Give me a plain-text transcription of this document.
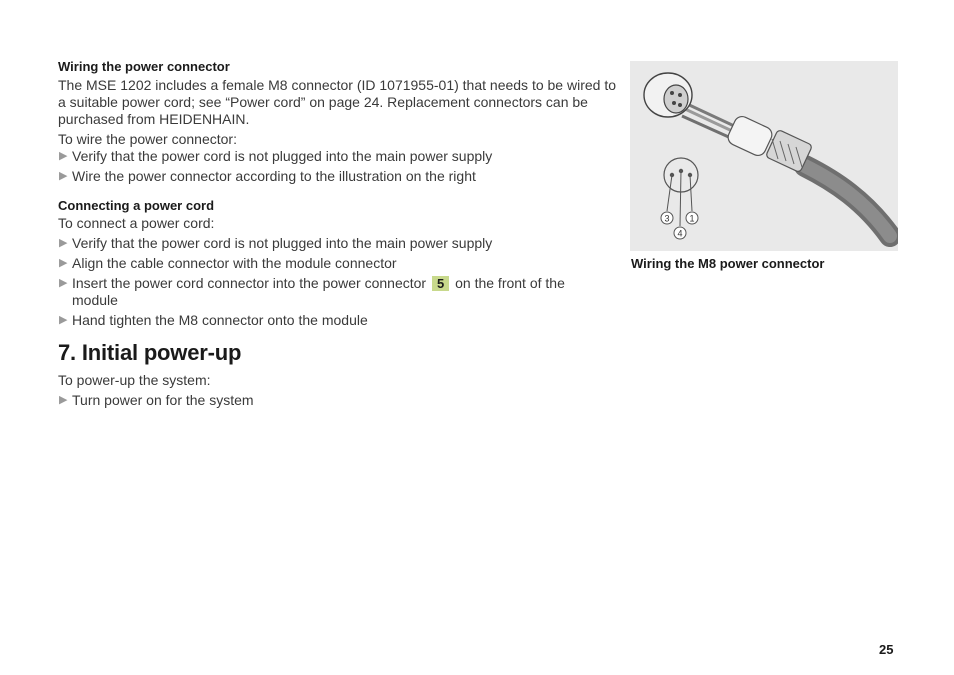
Wiring the power connector

The MSE 1202 includes a female M8 connector (ID 1071955-01) that needs to be wired to a suitable power cord; see “Power cord” on page 24. Replacement connectors can be purchased from HEIDENHAIN.

To wire the power connector:

▶ Verify that the power cord is not plugged into the main power supply
▶ Wire the power connector according to the illustration on the right
Connecting a power cord

To connect a power cord:

▶ Verify that the power cord is not plugged into the main power supply
▶ Align the cable connector with the module connector
▶ Insert the power cord connector into the power connector 5 on the front of the module
▶ Hand tighten the M8 connector onto the module
7. Initial power-up

To power-up the system:

▶ Turn power on for the system
3 1
4
Wiring the M8 power connector
25
